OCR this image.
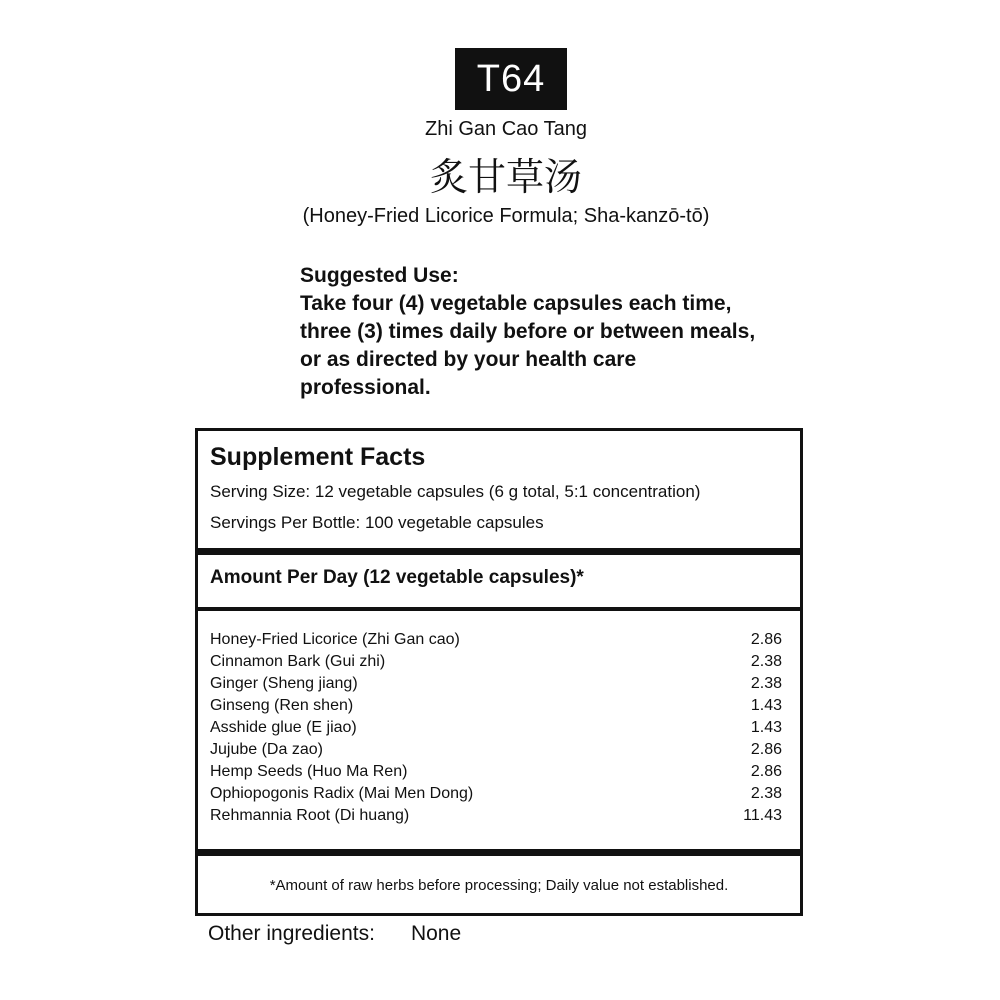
T64
Zhi Gan Cao Tang
炙甘草汤
(Honey-Fried Licorice Formula; Sha-kanzō-tō)
Suggested Use:
Take four (4) vegetable capsules each time, three (3) times daily before or between meals, or as directed by your health care professional.
Supplement Facts
Serving Size: 12 vegetable capsules (6 g total, 5:1 concentration)
Servings Per Bottle: 100 vegetable capsules
Amount Per Day (12 vegetable capsules)*
Honey-Fried Licorice (Zhi Gan cao)	2.86
Cinnamon Bark (Gui zhi)	2.38
Ginger (Sheng jiang)	2.38
Ginseng (Ren shen)	1.43
Asshide glue (E jiao)	1.43
Jujube (Da zao)	2.86
Hemp Seeds (Huo Ma Ren)	2.86
Ophiopogonis Radix (Mai Men Dong)	2.38
Rehmannia Root (Di huang)	11.43
*Amount of raw herbs before processing; Daily value not established.
Other ingredients: None
